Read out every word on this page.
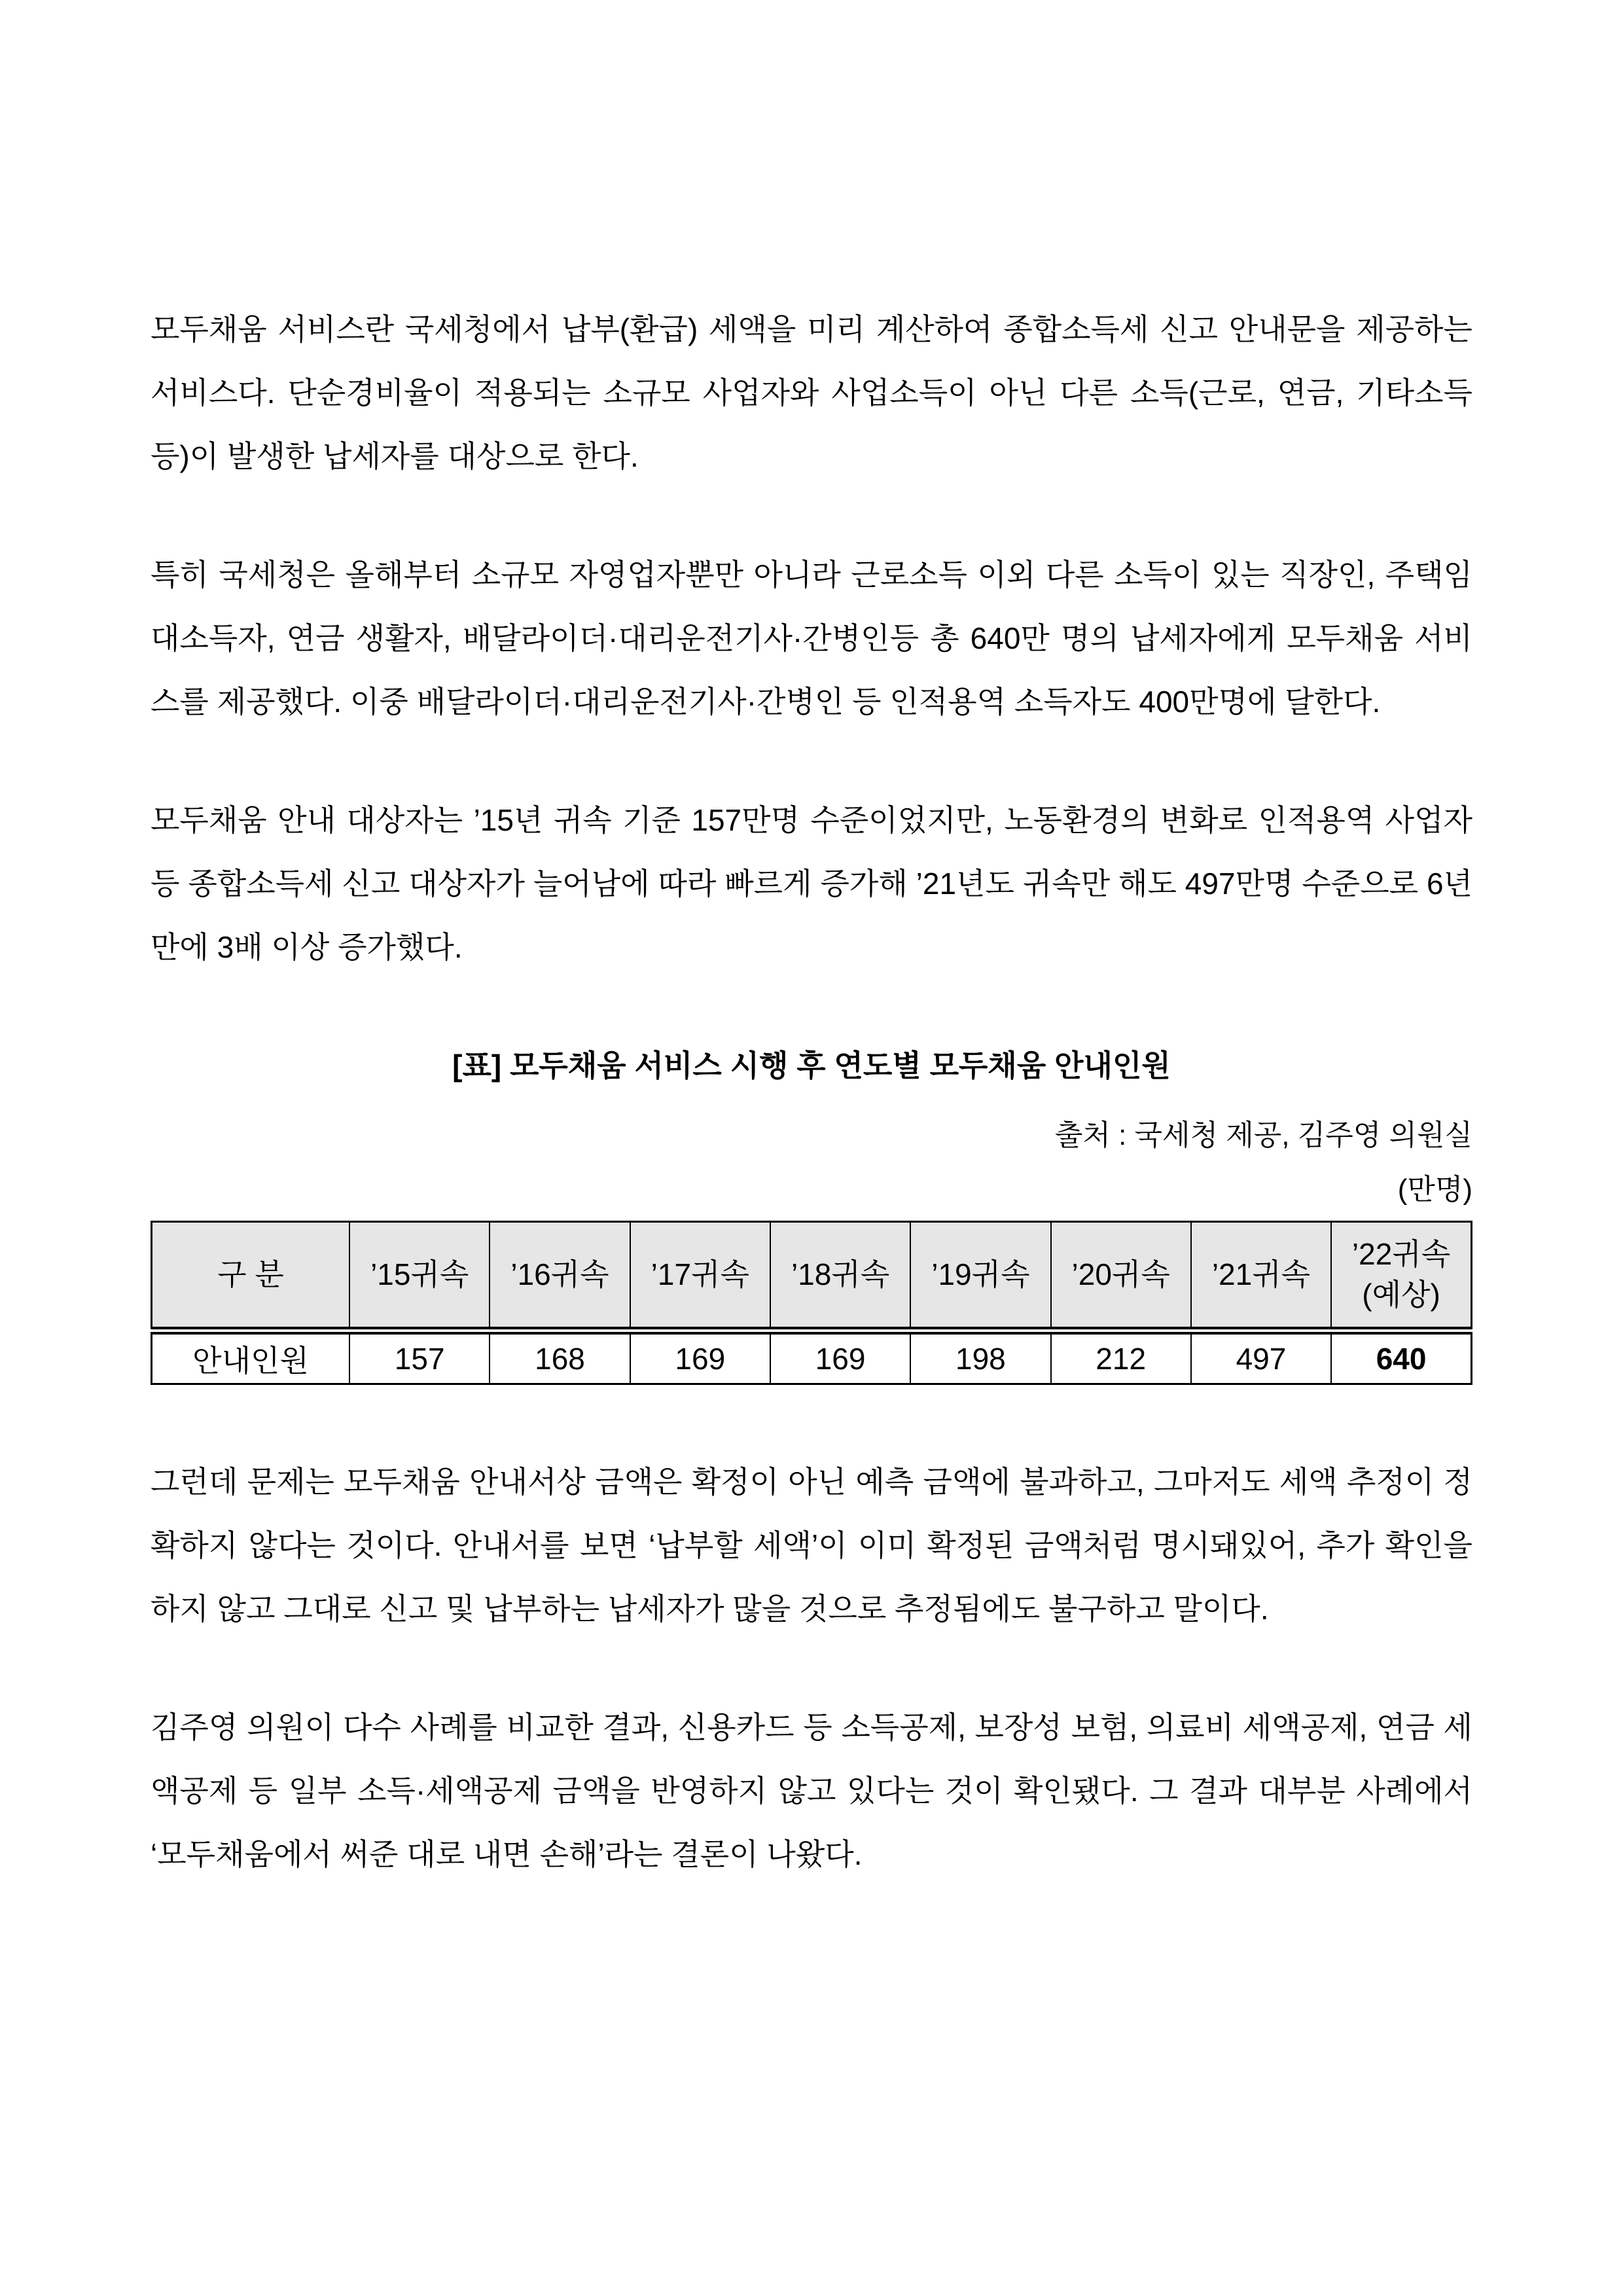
모두채움 서비스란 국세청에서 납부(환급) 세액을 미리 계산하여 종합소득세 신고 안내문을 제공하는 서비스다. 단순경비율이 적용되는 소규모 사업자와 사업소득이 아닌 다른 소득(근로, 연금, 기타소득 등)이 발생한 납세자를 대상으로 한다.

특히 국세청은 올해부터 소규모 자영업자뿐만 아니라 근로소득 이외 다른 소득이 있는 직장인, 주택임대소득자, 연금 생활자, 배달라이더·대리운전기사·간병인등 총 640만 명의 납세자에게 모두채움 서비스를 제공했다. 이중 배달라이더·대리운전기사·간병인 등 인적용역 소득자도 400만명에 달한다.

모두채움 안내 대상자는 ’15년 귀속 기준 157만명 수준이었지만, 노동환경의 변화로 인적용역 사업자 등 종합소득세 신고 대상자가 늘어남에 따라 빠르게 증가해 ’21년도 귀속만 해도 497만명 수준으로 6년만에 3배 이상 증가했다.

[표] 모두채움 서비스 시행 후 연도별 모두채움 안내인원
출처 : 국세청 제공, 김주영 의원실
(만명)
구 분	’15귀속	’16귀속	’17귀속	’18귀속	’19귀속	’20귀속	’21귀속	’22귀속
(예상)

안내인원	157	168	169	169	198	212	497	640

그런데 문제는 모두채움 안내서상 금액은 확정이 아닌 예측 금액에 불과하고, 그마저도 세액 추정이 정확하지 않다는 것이다. 안내서를 보면 ‘납부할 세액’이 이미 확정된 금액처럼 명시돼있어, 추가 확인을 하지 않고 그대로 신고 및 납부하는 납세자가 많을 것으로 추정됨에도 불구하고 말이다.

김주영 의원이 다수 사례를 비교한 결과, 신용카드 등 소득공제, 보장성 보험, 의료비 세액공제, 연금 세액공제 등 일부 소득·세액공제 금액을 반영하지 않고 있다는 것이 확인됐다. 그 결과 대부분 사례에서 ‘모두채움에서 써준 대로 내면 손해’라는 결론이 나왔다.
